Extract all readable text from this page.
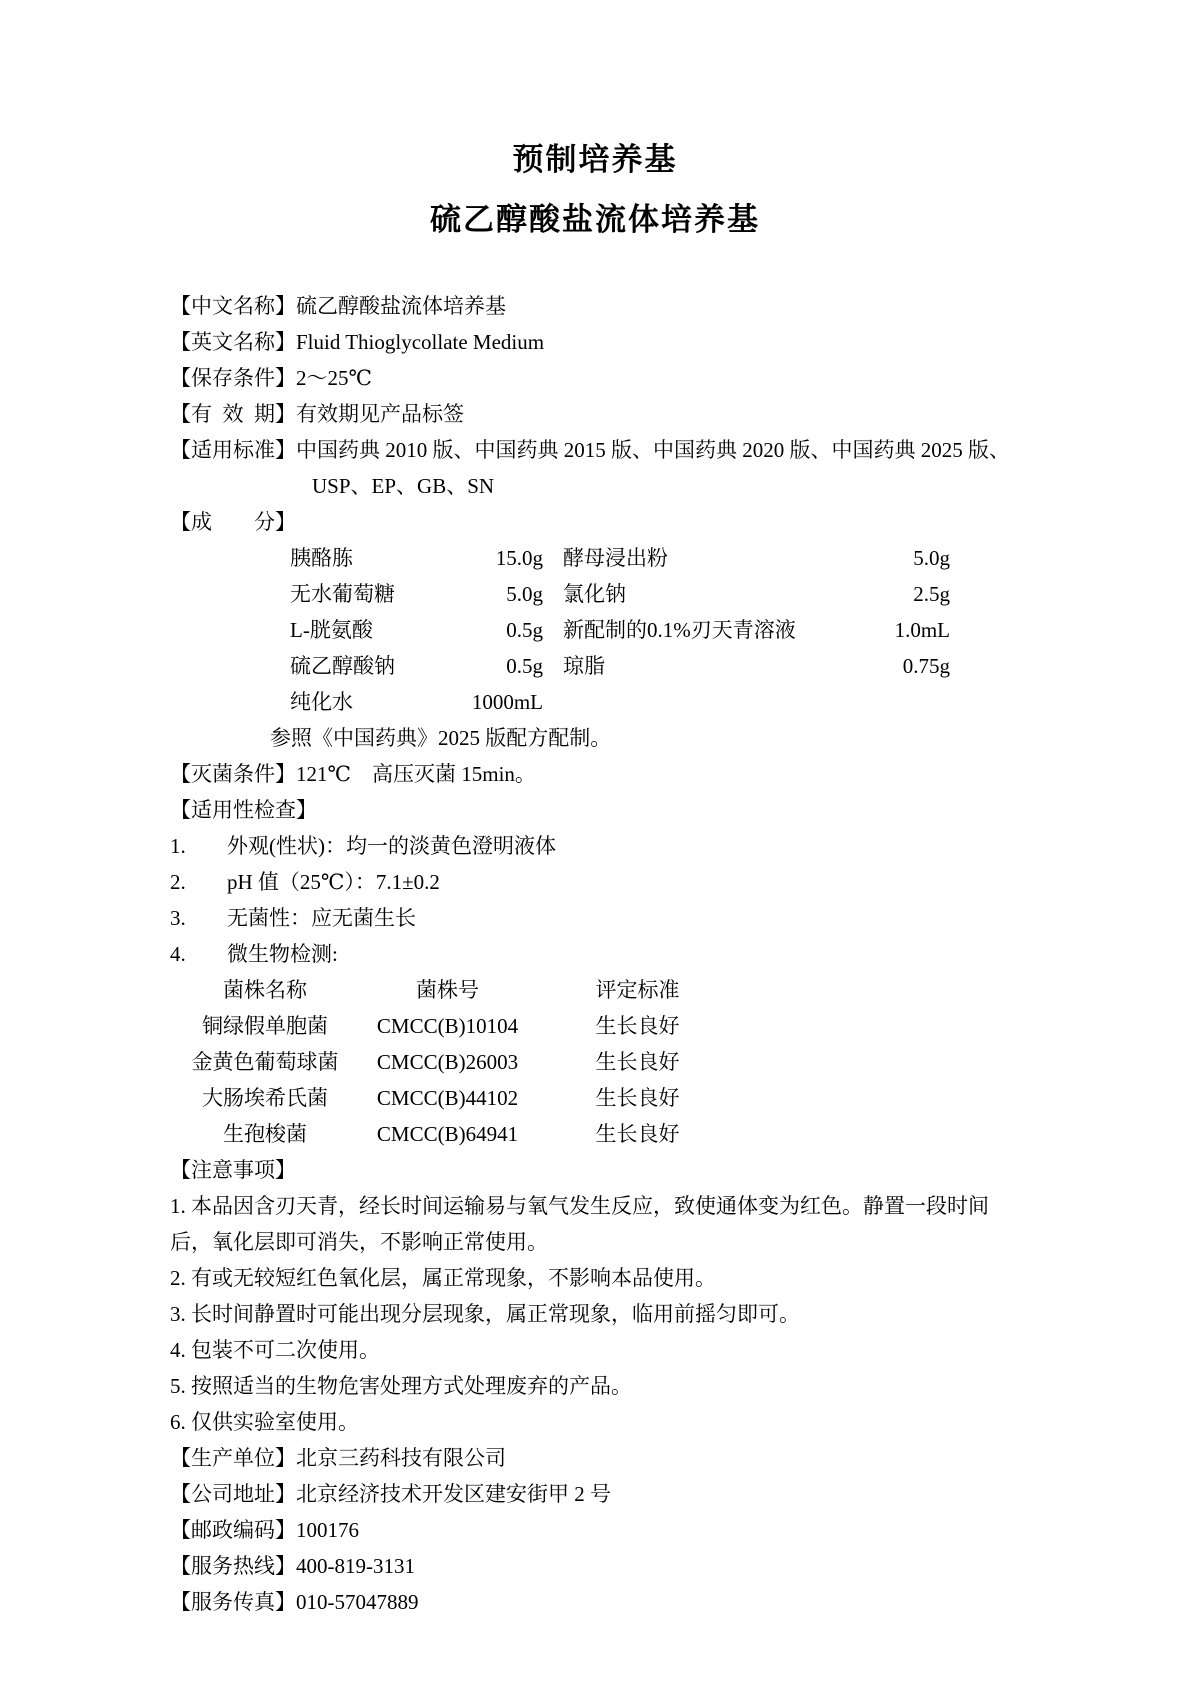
预制培养基
硫乙醇酸盐流体培养基

【中文名称】硫乙醇酸盐流体培养基

【英文名称】Fluid Thioglycollate Medium

【保存条件】2～25℃

【有 效 期】有效期见产品标签

【适用标准】中国药典 2010 版、中国药典 2015 版、中国药典 2020 版、中国药典 2025 版、

USP、EP、GB、SN

【成　　分】

胰酪胨	15.0g 酵母浸出粉	5.0g
无水葡萄糖	5.0g 氯化钠	2.5g
L-胱氨酸	0.5g 新配制的0.1%刃天青溶液	1.0mL
硫乙醇酸钠	0.5g 琼脂	0.75g
纯化水	1000mL

参照《中国药典》2025 版配方配制。

【灭菌条件】121℃　高压灭菌 15min。

【适用性检查】

1. 外观(性状)：均一的淡黄色澄明液体

2. pH 值（25℃）：7.1±0.2

3. 无菌性：应无菌生长

4. 微生物检测:

菌株名称	菌株号	评定标准
铜绿假单胞菌	CMCC(B)10104	生长良好
金黄色葡萄球菌	CMCC(B)26003	生长良好
大肠埃希氏菌	CMCC(B)44102	生长良好
生孢梭菌	CMCC(B)64941	生长良好

【注意事项】

1. 本品因含刃天青，经长时间运输易与氧气发生反应，致使通体变为红色。静置一段时间后，氧化层即可消失，不影响正常使用。

2. 有或无较短红色氧化层，属正常现象，不影响本品使用。

3. 长时间静置时可能出现分层现象，属正常现象，临用前摇匀即可。

4. 包装不可二次使用。

5. 按照适当的生物危害处理方式处理废弃的产品。

6. 仅供实验室使用。

【生产单位】北京三药科技有限公司

【公司地址】北京经济技术开发区建安街甲 2 号

【邮政编码】100176

【服务热线】400-819-3131

【服务传真】010-57047889
